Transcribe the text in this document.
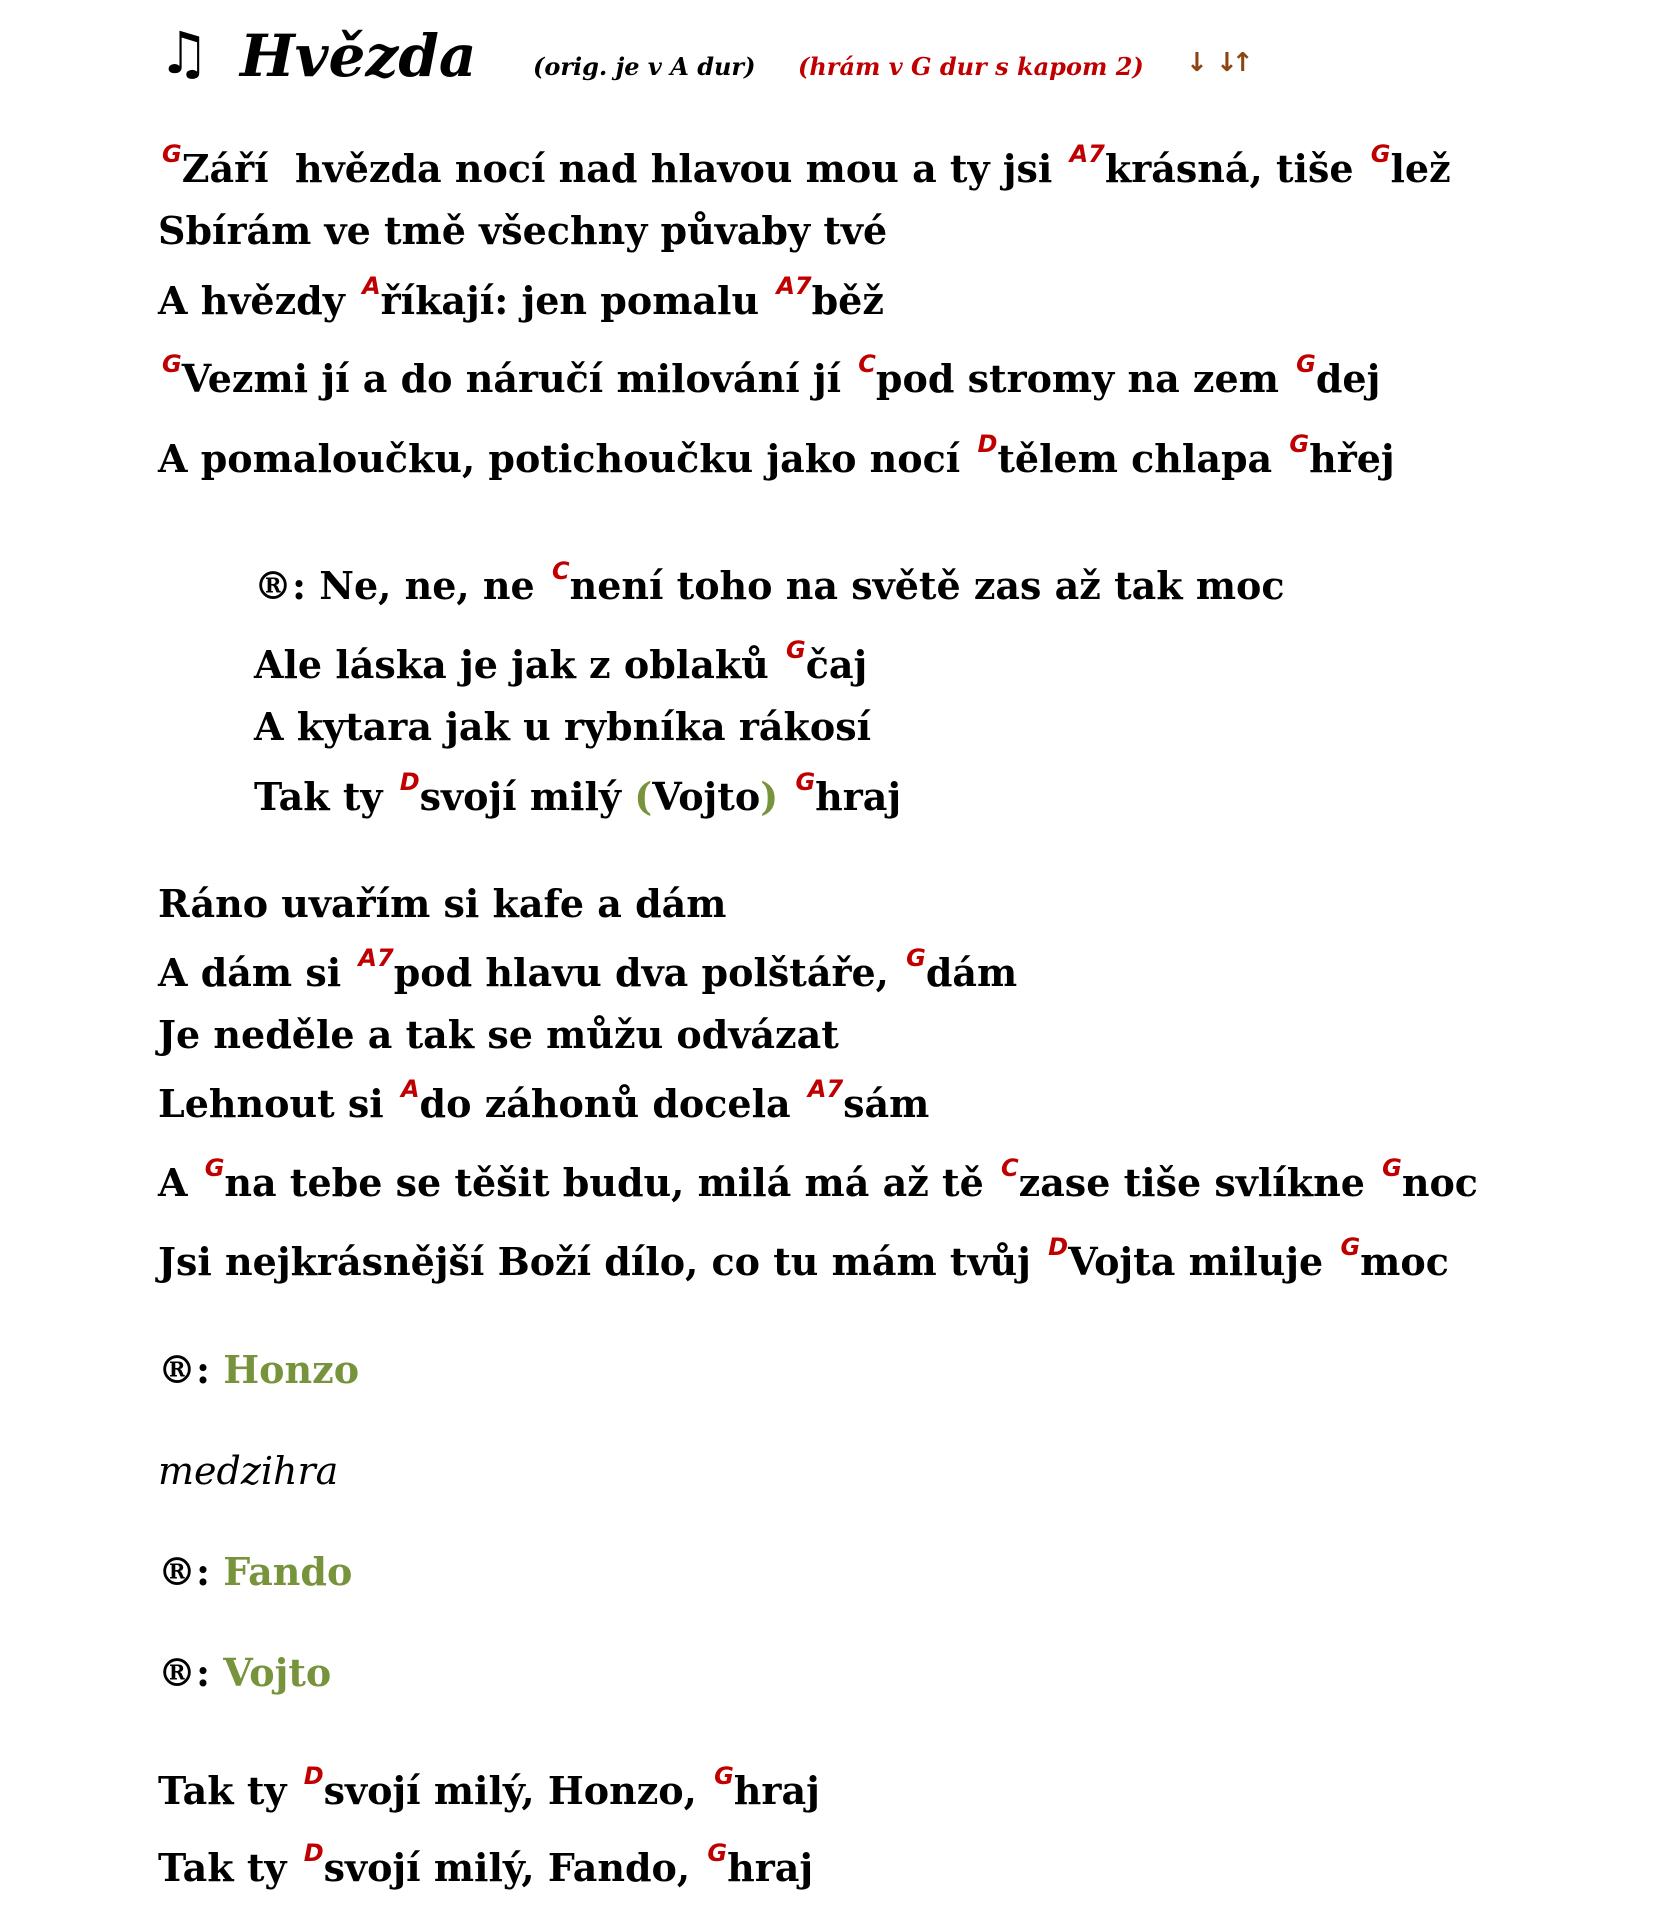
♫ Hvězda (orig. je v A dur) (hrám v G dur s kapom 2) ↓ ↓↑
$^G$Září  hvězda nocí nad hlavou mou a ty jsi $^{A7}$krásná, tiše $^G$lež
Sbírám ve tmě všechny půvaby tvé
A hvězdy $^A$říkají: jen pomalu $^{A7}$běž
$^G$Vezmi jí a do náručí milování jí $^C$pod stromy na zem $^G$dej
A pomaloučku, potichoučku jako nocí $^D$tělem chlapa $^G$hřej
®: Ne, ne, ne $^C$není toho na světě zas až tak moc
Ale láska je jak z oblaků $^G$čaj
A kytara jak u rybníka rákosí
Tak ty $^D$svojí milý (Vojto) $^G$hraj
Ráno uvařím si kafe a dám
A dám si $^{A7}$pod hlavu dva polštáře, $^G$dám
Je neděle a tak se můžu odvázat
Lehnout si $^A$do záhonů docela $^{A7}$sám
A $^G$na tebe se těšit budu, milá má až tě $^C$zase tiše svlíkne $^G$noc
Jsi nejkrásnější Boží dílo, co tu mám tvůj $^D$Vojta miluje $^G$moc
®: Honzo
medzihra
®: Fando
®: Vojto
Tak ty $^D$svojí milý, Honzo, $^G$hraj
Tak ty $^D$svojí milý, Fando, $^G$hraj
